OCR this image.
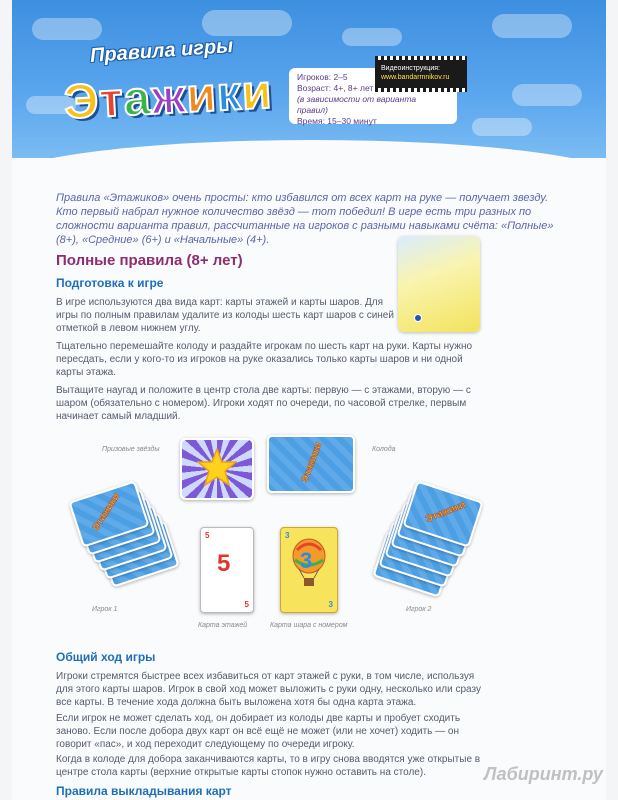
Правила игры
Этажики	Игроков: 2–5
Возраст: 4+, 8+ лет
(в зависимости от варианта правил)
Время: 15–30 минут
Видеоинструкция:
www.bandarmnikov.ru

Правила «Этажиков» очень просты: кто избавился от всех карт на руке — получает звезду. Кто первый набрал нужное количество звёзд — тот победил! В игре есть три разных по сложности варианта правил, рассчитанные на игроков с разными навыками счёта: «Полные» (8+), «Средние» (6+) и «Начальные» (4+).

Полные правила (8+ лет)
Подготовка к игре

В игре используются два вида карт: карты этажей и карты шаров. Для игры по полным правилам удалите из колоды шесть карт шаров с синей отметкой в левом нижнем углу.

Тщательно перемешайте колоду и раздайте игрокам по шесть карт на руки. Карты нужно пересдать, если у кого-то из игроков на руке оказались только карты шаров и ни одной карты этажа.

Вытащите наугад и положите в центр стола две карты: первую — с этажами, вторую — с шаром (обязательно с номером). Игроки ходят по очереди, по часовой стрелке, первым начинает самый младший.

Призовые звёзды	Колода
Этажики
Этажики	Этажики
5
5
5
3
3
3
Игрок 1	Игрок 2
Карта этажей	Карта шара с номером
Общий ход игры

Игроки стремятся быстрее всех избавиться от карт этажей с руки, в том числе, используя для этого карты шаров. Игрок в свой ход может выложить с руки одну, несколько или сразу все карты. В течение хода должна быть выложена хотя бы одна карта этажа.

Если игрок не может сделать ход, он добирает из колоды две карты и пробует сходить заново. Если после добора двух карт он всё ещё не может (или не хочет) ходить — он говорит «пас», и ход переходит следующему по очереди игроку.

Когда в колоде для добора заканчиваются карты, то в игру снова вводятся уже открытые в центре стола карты (верхние открытые карты стопок нужно оставить на столе).

Правила выкладывания карт
Лабиринт.ру
